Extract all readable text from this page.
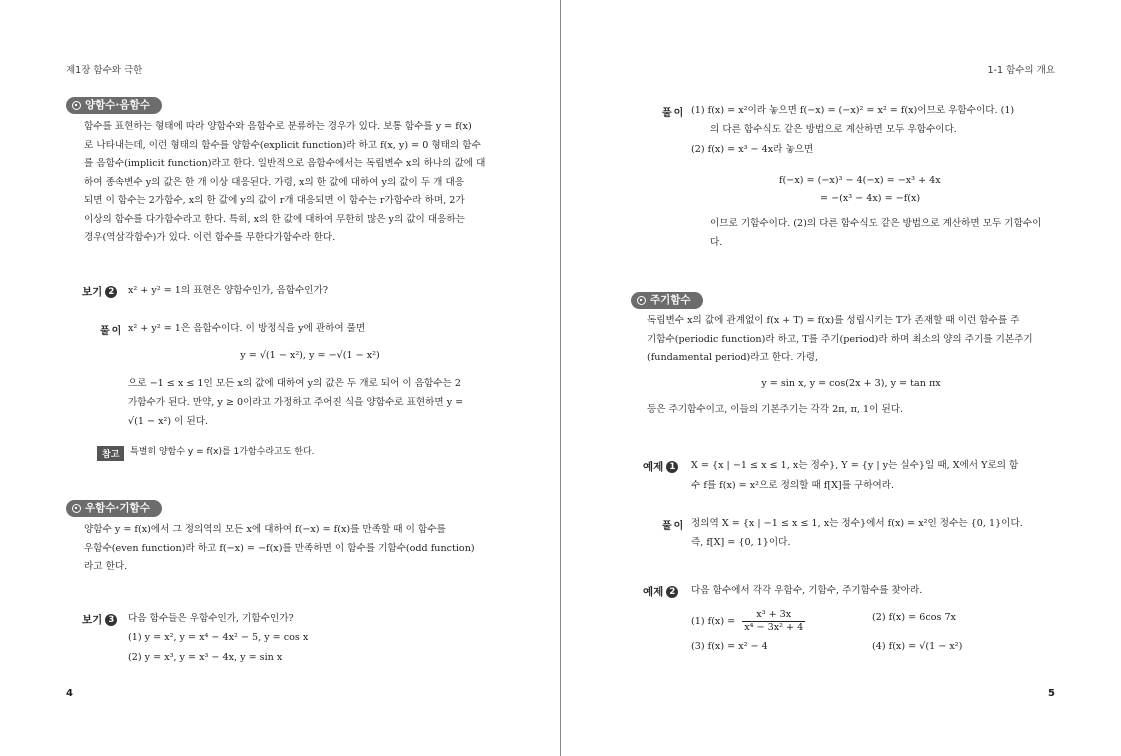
제1장 함수와 극한
양함수·음함수
함수를 표현하는 형태에 따라 양함수와 음함수로 분류하는 경우가 있다. 보통 함수를 y = f(x)
로 나타내는데, 이런 형태의 함수를 양함수(explicit function)라 하고 f(x, y) = 0 형태의 함수
를 음함수(implicit function)라고 한다. 일반적으로 음함수에서는 독립변수 x의 하나의 값에 대
하여 종속변수 y의 값은 한 개 이상 대응된다. 가령, x의 한 값에 대하여 y의 값이 두 개 대응
되면 이 함수는 2가함수, x의 한 값에 y의 값이 r개 대응되면 이 함수는 r가함수라 하며, 2가
이상의 함수를 다가함수라고 한다. 특히, x의 한 값에 대하여 무한히 많은 y의 값이 대응하는
경우(역삼각함수)가 있다. 이런 함수를 무한다가함수라 한다.
보기 2	x² + y² = 1의 표현은 양함수인가, 음함수인가?
풀이 x² + y² = 1은 음함수이다. 이 방정식을 y에 관하여 풀면
y = √(1 − x²), y = −√(1 − x²)
으로 −1 ≤ x ≤ 1인 모든 x의 값에 대하여 y의 값은 두 개로 되어 이 음함수는 2
가함수가 된다. 만약, y ≥ 0이라고 가정하고 주어진 식을 양함수로 표현하면 y =
√(1 − x²) 이 된다.
참고	특별히 양함수 y = f(x)를 1가함수라고도 한다.
우함수·기함수
양함수 y = f(x)에서 그 정의역의 모든 x에 대하여 f(−x) = f(x)를 만족할 때 이 함수를
우함수(even function)라 하고 f(−x) = −f(x)를 만족하면 이 함수를 기함수(odd function)
라고 한다.
보기 3	다음 함수들은 우함수인가, 기함수인가?
(1) y = x², y = x⁴ − 4x² − 5, y = cos x
(2) y = x³, y = x³ − 4x, y = sin x
4
1-1 함수의 개요
풀이 (1) f(x) = x²이라 놓으면 f(−x) = (−x)² = x² = f(x)이므로 우함수이다. (1)
의 다른 함수식도 같은 방법으로 계산하면 모두 우함수이다.
(2) f(x) = x³ − 4x라 놓으면
f(−x) = (−x)³ − 4(−x) = −x³ + 4x
= −(x³ − 4x) = −f(x)
이므로 기함수이다. (2)의 다른 함수식도 같은 방법으로 계산하면 모두 기함수이
다.
주기함수
독립변수 x의 값에 관계없이 f(x + T) = f(x)를 성립시키는 T가 존재할 때 이런 함수를 주
기함수(periodic function)라 하고, T를 주기(period)라 하며 최소의 양의 주기를 기본주기
(fundamental period)라고 한다. 가령,
y = sin x, y = cos(2x + 3), y = tan πx
등은 주기함수이고, 이들의 기본주기는 각각 2π, π, 1이 된다.
예제 1	X = {x | −1 ≤ x ≤ 1, x는 정수}, Y = {y | y는 실수}일 때, X에서 Y로의 함
수 f를 f(x) = x²으로 정의할 때 f[X]를 구하여라.
풀이 정의역 X = {x | −1 ≤ x ≤ 1, x는 정수}에서 f(x) = x²인 정수는 {0, 1}이다.
즉, f[X] = {0, 1}이다.
예제 2	다음 함수에서 각각 우함수, 기함수, 주기함수를 찾아라.
(1) $f(x) = \frac{\text{x³ + 3x}}{\text{x⁴ − 3x² + 4}}$	(2) f(x) = 6cos 7x
(3) f(x) = x² − 4	(4) f(x) = √(1 − x²)
5
